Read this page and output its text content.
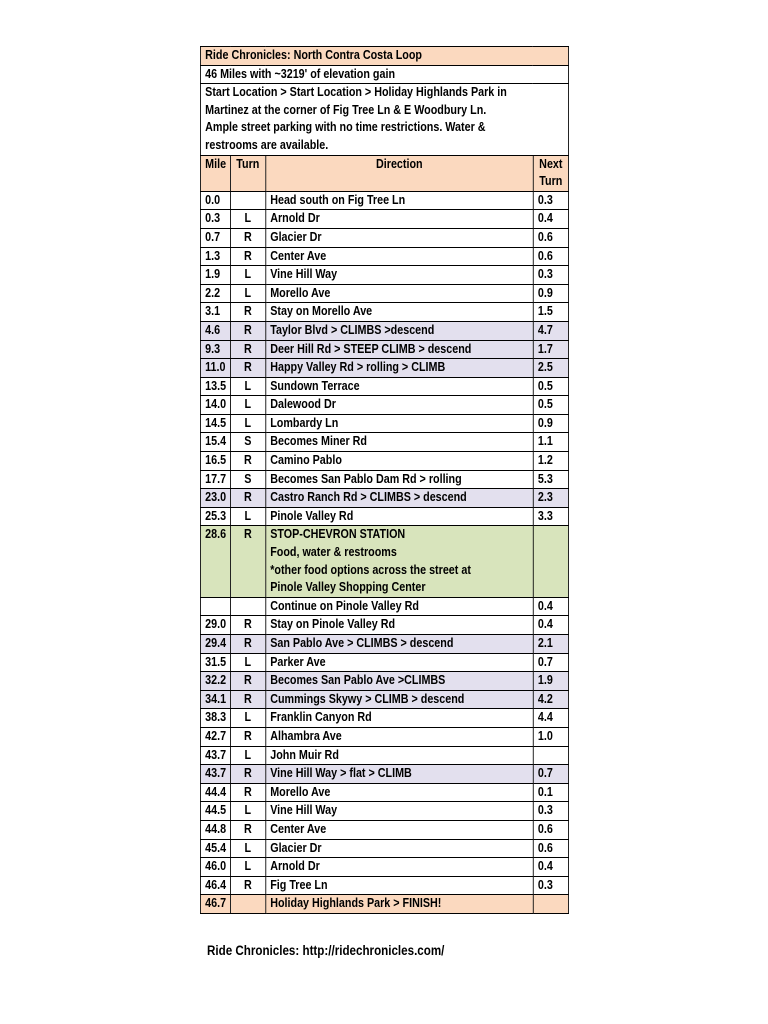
Ride Chronicles: North Contra Costa Loop			
46 Miles with ~3219' of elevation gain			

Start Location > Start Location > Holiday Highlands Park in
Martinez at the corner of Fig Tree Ln & E Woodbury Ln.
Ample street parking with no time restrictions. Water &
restrooms are available.			

Mile	Turn	Direction	Next
Turn

0.0		Head south on Fig Tree Ln	0.3
0.3	L	Arnold Dr	0.4
0.7	R	Glacier Dr	0.6
1.3	R	Center Ave	0.6
1.9	L	Vine Hill Way	0.3
2.2	L	Morello Ave	0.9
3.1	R	Stay on Morello Ave	1.5
4.6	R	Taylor Blvd > CLIMBS >descend	4.7
9.3	R	Deer Hill Rd > STEEP CLIMB > descend	1.7
11.0	R	Happy Valley Rd > rolling > CLIMB	2.5
13.5	L	Sundown Terrace	0.5
14.0	L	Dalewood Dr	0.5
14.5	L	Lombardy Ln	0.9
15.4	S	Becomes Miner Rd	1.1
16.5	R	Camino Pablo	1.2
17.7	S	Becomes San Pablo Dam Rd > rolling	5.3
23.0	R	Castro Ranch Rd > CLIMBS > descend	2.3
25.3	L	Pinole Valley Rd	3.3
28.6	R	STOP-CHEVRON STATION
Food, water & restrooms
*other food options across the street at
Pinole Valley Shopping Center	

		Continue on Pinole Valley Rd	0.4
29.0	R	Stay on Pinole Valley Rd	0.4
29.4	R	San Pablo Ave > CLIMBS > descend	2.1
31.5	L	Parker Ave	0.7
32.2	R	Becomes San Pablo Ave >CLIMBS	1.9
34.1	R	Cummings Skywy > CLIMB > descend	4.2
38.3	L	Franklin Canyon Rd	4.4
42.7	R	Alhambra Ave	1.0
43.7	L	John Muir Rd	
43.7	R	Vine Hill Way > flat > CLIMB	0.7
44.4	R	Morello Ave	0.1
44.5	L	Vine Hill Way	0.3
44.8	R	Center Ave	0.6
45.4	L	Glacier Dr	0.6
46.0	L	Arnold Dr	0.4
46.4	R	Fig Tree Ln	0.3
46.7		Holiday Highlands Park > FINISH!	
Ride Chronicles: http://ridechronicles.com/
